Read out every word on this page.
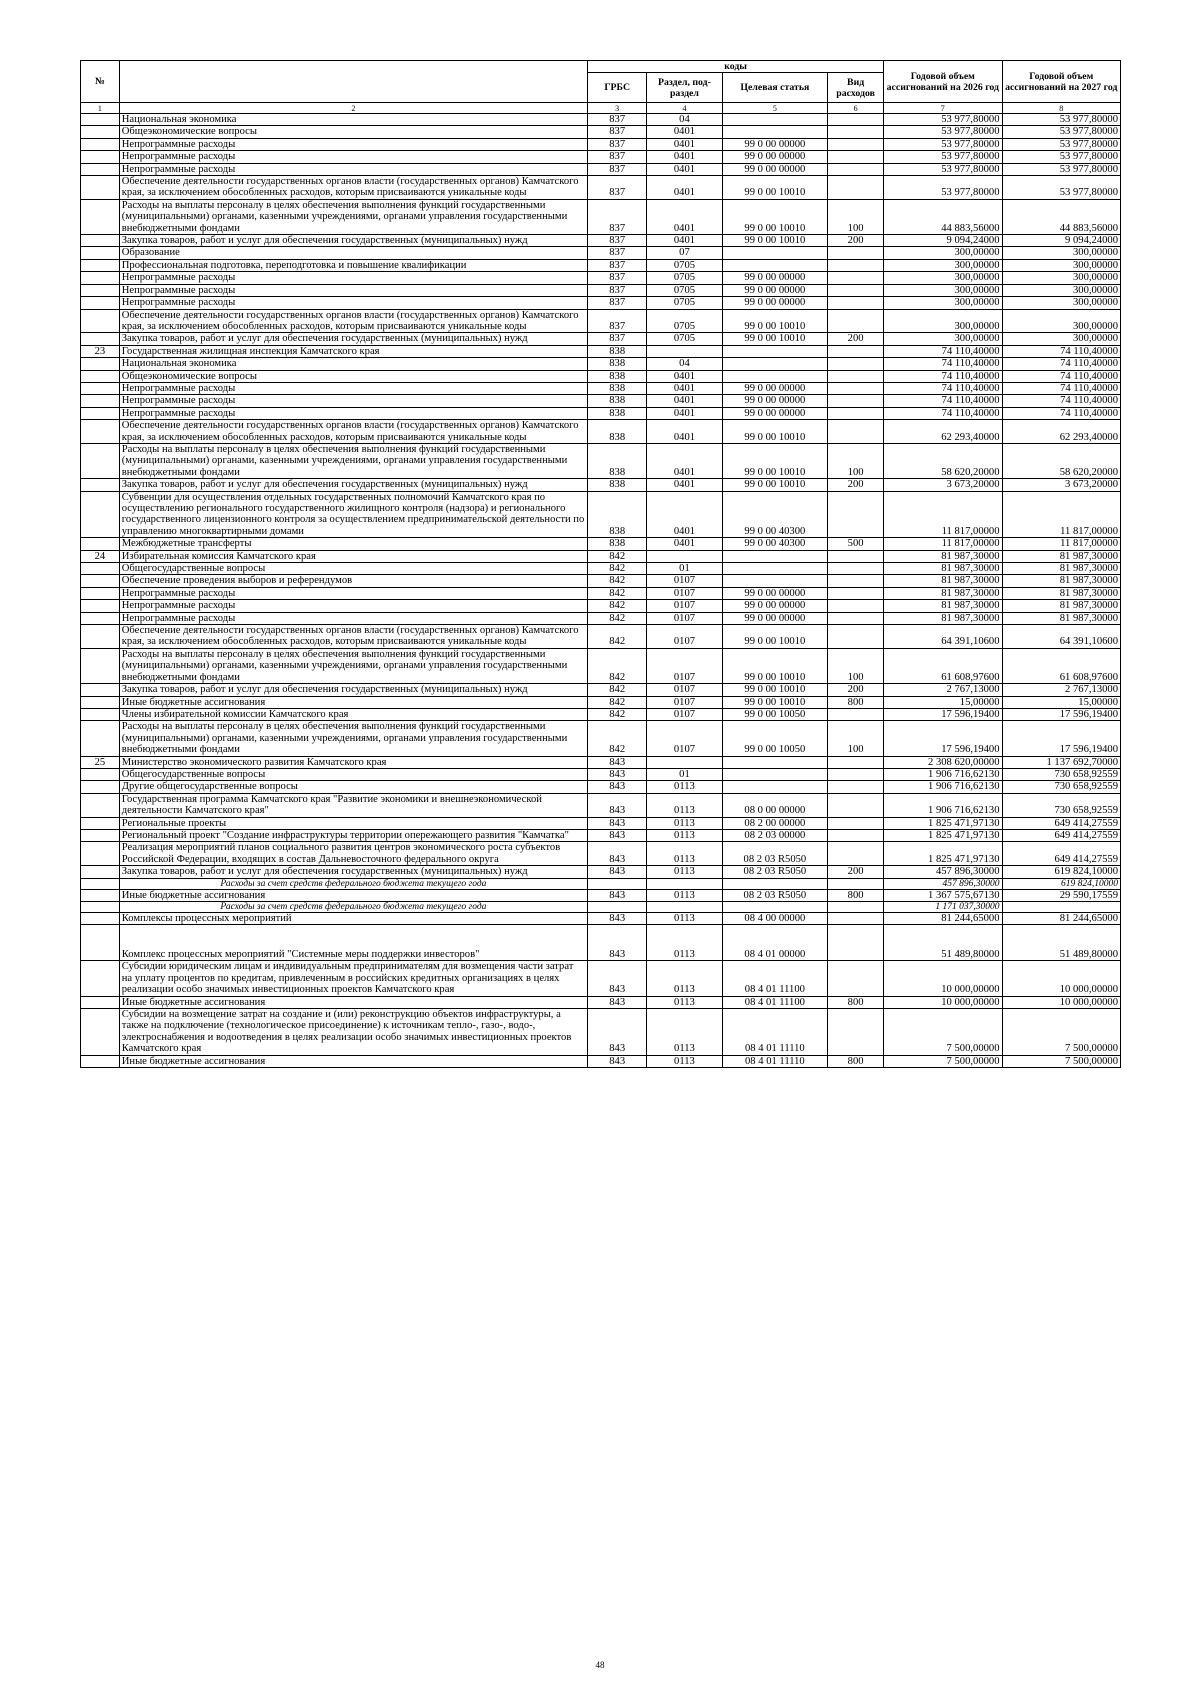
№		коды				Годовой объем ассигнований на 2026 год	Годовой объем ассигнований на 2027 год
		ГРБС	Раздел, под-раздел	Целевая статья	Вид расходов		
1	2	3	4	5	6	7	8
	Национальная экономика	837	04			53 977,80000	53 977,80000
	Общеэкономические вопросы	837	0401			53 977,80000	53 977,80000
	Непрограммные расходы	837	0401	99 0 00 00000		53 977,80000	53 977,80000
	Непрограммные расходы	837	0401	99 0 00 00000		53 977,80000	53 977,80000
	Непрограммные расходы	837	0401	99 0 00 00000		53 977,80000	53 977,80000
	Обеспечение деятельности государственных органов власти (государственных органов) Камчатского края, за исключением обособленных расходов, которым присваиваются уникальные коды	837	0401	99 0 00 10010		53 977,80000	53 977,80000
	Расходы на выплаты персоналу в целях обеспечения выполнения функций государственными (муниципальными) органами, казенными учреждениями, органами управления государственными внебюджетными фондами	837	0401	99 0 00 10010	100	44 883,56000	44 883,56000
	Закупка товаров, работ и услуг для обеспечения государственных (муниципальных) нужд	837	0401	99 0 00 10010	200	9 094,24000	9 094,24000
	Образование	837	07			300,00000	300,00000
	Профессиональная подготовка, переподготовка и повышение квалификации	837	0705			300,00000	300,00000
	Непрограммные расходы	837	0705	99 0 00 00000		300,00000	300,00000
	Непрограммные расходы	837	0705	99 0 00 00000		300,00000	300,00000
	Непрограммные расходы	837	0705	99 0 00 00000		300,00000	300,00000
	Обеспечение деятельности государственных органов власти (государственных органов) Камчатского края, за исключением обособленных расходов, которым присваиваются уникальные коды	837	0705	99 0 00 10010		300,00000	300,00000
	Закупка товаров, работ и услуг для обеспечения государственных (муниципальных) нужд	837	0705	99 0 00 10010	200	300,00000	300,00000
23	Государственная жилищная инспекция Камчатского края	838				74 110,40000	74 110,40000
	Национальная экономика	838	04			74 110,40000	74 110,40000
	Общеэкономические вопросы	838	0401			74 110,40000	74 110,40000
	Непрограммные расходы	838	0401	99 0 00 00000		74 110,40000	74 110,40000
	Непрограммные расходы	838	0401	99 0 00 00000		74 110,40000	74 110,40000
	Непрограммные расходы	838	0401	99 0 00 00000		74 110,40000	74 110,40000
	Обеспечение деятельности государственных органов власти (государственных органов) Камчатского края, за исключением обособленных расходов, которым присваиваются уникальные коды	838	0401	99 0 00 10010		62 293,40000	62 293,40000
	Расходы на выплаты персоналу в целях обеспечения выполнения функций государственными (муниципальными) органами, казенными учреждениями, органами управления государственными внебюджетными фондами	838	0401	99 0 00 10010	100	58 620,20000	58 620,20000
	Закупка товаров, работ и услуг для обеспечения государственных (муниципальных) нужд	838	0401	99 0 00 10010	200	3 673,20000	3 673,20000
	Субвенции для осуществления отдельных государственных полномочий Камчатского края по осуществлению регионального государственного жилищного контроля (надзора) и регионального государственного лицензионного контроля за осуществлением предпринимательской деятельности по управлению многоквартирными домами	838	0401	99 0 00 40300		11 817,00000	11 817,00000
	Межбюджетные трансферты	838	0401	99 0 00 40300	500	11 817,00000	11 817,00000
24	Избирательная комиссия Камчатского края	842				81 987,30000	81 987,30000
	Общегосударственные вопросы	842	01			81 987,30000	81 987,30000
	Обеспечение проведения выборов и референдумов	842	0107			81 987,30000	81 987,30000
	Непрограммные расходы	842	0107	99 0 00 00000		81 987,30000	81 987,30000
	Непрограммные расходы	842	0107	99 0 00 00000		81 987,30000	81 987,30000
	Непрограммные расходы	842	0107	99 0 00 00000		81 987,30000	81 987,30000
	Обеспечение деятельности государственных органов власти (государственных органов) Камчатского края, за исключением обособленных расходов, которым присваиваются уникальные коды	842	0107	99 0 00 10010		64 391,10600	64 391,10600
	Расходы на выплаты персоналу в целях обеспечения выполнения функций государственными (муниципальными) органами, казенными учреждениями, органами управления государственными внебюджетными фондами	842	0107	99 0 00 10010	100	61 608,97600	61 608,97600
	Закупка товаров, работ и услуг для обеспечения государственных (муниципальных) нужд	842	0107	99 0 00 10010	200	2 767,13000	2 767,13000
	Иные бюджетные ассигнования	842	0107	99 0 00 10010	800	15,00000	15,00000
	Члены избирательной комиссии Камчатского края	842	0107	99 0 00 10050		17 596,19400	17 596,19400
	Расходы на выплаты персоналу в целях обеспечения выполнения функций государственными (муниципальными) органами, казенными учреждениями, органами управления государственными внебюджетными фондами	842	0107	99 0 00 10050	100	17 596,19400	17 596,19400
25	Министерство экономического развития Камчатского края	843				2 308 620,00000	1 137 692,70000
	Общегосударственные вопросы	843	01			1 906 716,62130	730 658,92559
	Другие общегосударственные вопросы	843	0113			1 906 716,62130	730 658,92559
	Государственная программа Камчатского края "Развитие экономики и внешнеэкономической деятельности Камчатского края"	843	0113	08 0 00 00000		1 906 716,62130	730 658,92559
	Региональные проекты	843	0113	08 2 00 00000		1 825 471,97130	649 414,27559
	Региональный проект "Создание инфраструктуры территории опережающего развития "Камчатка"	843	0113	08 2 03 00000		1 825 471,97130	649 414,27559
	Реализация мероприятий планов социального развития центров экономического роста субъектов Российской Федерации, входящих в состав Дальневосточного федерального округа	843	0113	08 2 03 R5050		1 825 471,97130	649 414,27559
	Закупка товаров, работ и услуг для обеспечения государственных (муниципальных) нужд	843	0113	08 2 03 R5050	200	457 896,30000	619 824,10000
	Расходы за счет средств федерального бюджета текущего года					457 896,30000	619 824,10000
	Иные бюджетные ассигнования	843	0113	08 2 03 R5050	800	1 367 575,67130	29 590,17559
	Расходы за счет средств федерального бюджета текущего года					1 171 037,30000	
	Комплексы процессных мероприятий	843	0113	08 4 00 00000		81 244,65000	81 244,65000
	Комплекс процессных мероприятий "Системные меры поддержки инвесторов"	843	0113	08 4 01 00000		51 489,80000	51 489,80000
	Субсидии юридическим лицам и индивидуальным предпринимателям для возмещения части затрат на уплату процентов по кредитам, привлеченным в российских кредитных организациях в целях реализации особо значимых инвестиционных проектов Камчатского края	843	0113	08 4 01 11100		10 000,00000	10 000,00000
	Иные бюджетные ассигнования	843	0113	08 4 01 11100	800	10 000,00000	10 000,00000
	Субсидии на возмещение затрат на создание и (или) реконструкцию объектов инфраструктуры, а также на подключение (технологическое присоединение) к источникам тепло-, газо-, водо-, электроснабжения и водоотведения в целях реализации особо значимых инвестиционных проектов Камчатского края	843	0113	08 4 01 11110		7 500,00000	7 500,00000
	Иные бюджетные ассигнования	843	0113	08 4 01 11110	800	7 500,00000	7 500,00000
48
